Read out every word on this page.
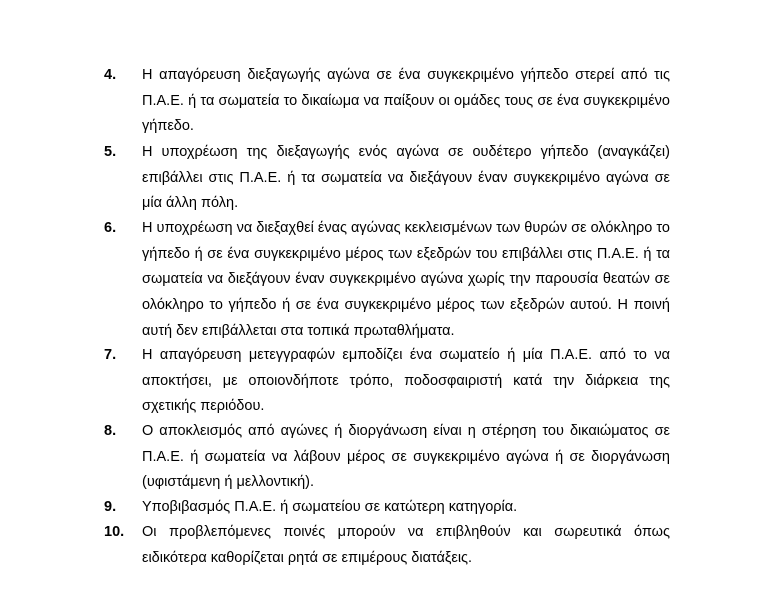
4. Η απαγόρευση διεξαγωγής αγώνα σε ένα συγκεκριμένο γήπεδο στερεί από τις Π.Α.Ε. ή τα σωματεία το δικαίωμα να παίξουν οι ομάδες τους σε ένα συγκεκριμένο γήπεδο.
5. Η υποχρέωση της διεξαγωγής ενός αγώνα σε ουδέτερο γήπεδο (αναγκάζει) επιβάλλει στις Π.Α.Ε. ή τα σωματεία να διεξάγουν έναν συγκεκριμένο αγώνα σε μία άλλη πόλη.
6. Η υποχρέωση να διεξαχθεί ένας αγώνας κεκλεισμένων των θυρών σε ολόκληρο το γήπεδο ή σε ένα συγκεκριμένο μέρος των εξεδρών του επιβάλλει στις Π.Α.Ε. ή τα σωματεία να διεξάγουν έναν συγκεκριμένο αγώνα χωρίς την παρουσία θεατών σε ολόκληρο το γήπεδο ή σε ένα συγκεκριμένο μέρος των εξεδρών αυτού. Η ποινή αυτή δεν επιβάλλεται στα τοπικά πρωταθλήματα.
7. Η απαγόρευση μετεγγραφών εμποδίζει ένα σωματείο ή μία Π.Α.Ε. από το να αποκτήσει, με οποιονδήποτε τρόπο, ποδοσφαιριστή κατά την διάρκεια της σχετικής περιόδου.
8. Ο αποκλεισμός από αγώνες ή διοργάνωση είναι η στέρηση του δικαιώματος σε Π.Α.Ε. ή σωματεία να λάβουν μέρος σε συγκεκριμένο αγώνα ή σε διοργάνωση (υφιστάμενη ή μελλοντική).
9. Υποβιβασμός Π.Α.Ε. ή σωματείου σε κατώτερη κατηγορία.
10. Οι προβλεπόμενες ποινές μπορούν να επιβληθούν και σωρευτικά όπως ειδικότερα καθορίζεται ρητά σε επιμέρους διατάξεις.
